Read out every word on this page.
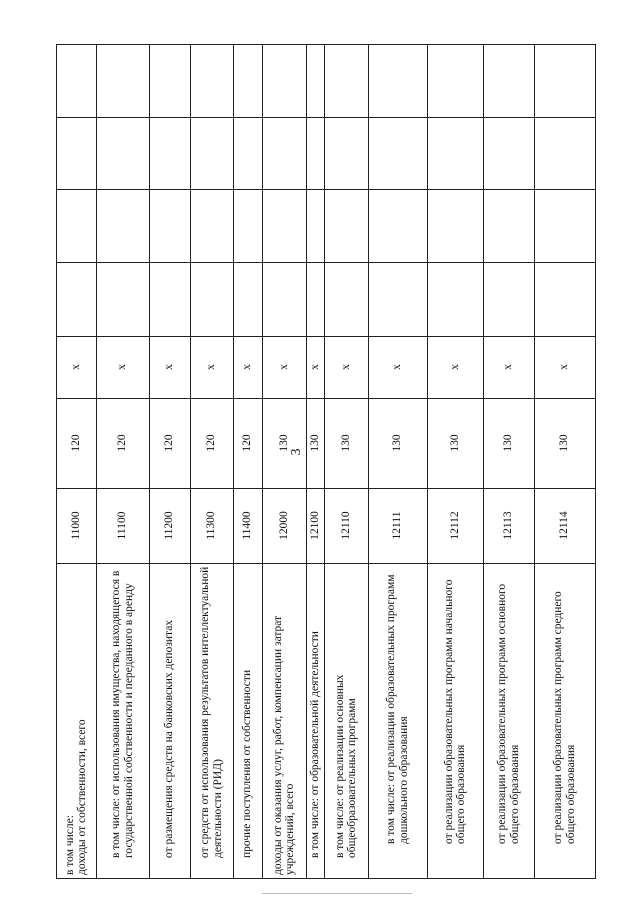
3
в том числе:
доходы от собственности, всего
11000
120
х
в том числе: от использования имущества, находящегося в государственной собственности и переданного в аренду
11100
120
х
от размещения средств на банковских депозитах
11200
120
х
от средств от использования результатов интеллектуальной деятельности (РИД)
11300
120
х
прочие поступления от собственности
11400
120
х
доходы от оказания услуг, работ, компенсации затрат учреждений, всего
12000
130
х
в том числе: от образовательной деятельности
12100
130
х
в том числе: от реализации основных общеобразовательных программ
12110
130
х
в том числе: от реализации образовательных программ дошкольного образования
12111
130
х
от реализации образовательных программ начального общего образования
12112
130
х
от реализации образовательных программ основного общего образования
12113
130
х
от реализации образовательных программ среднего общего образования
12114
130
х
